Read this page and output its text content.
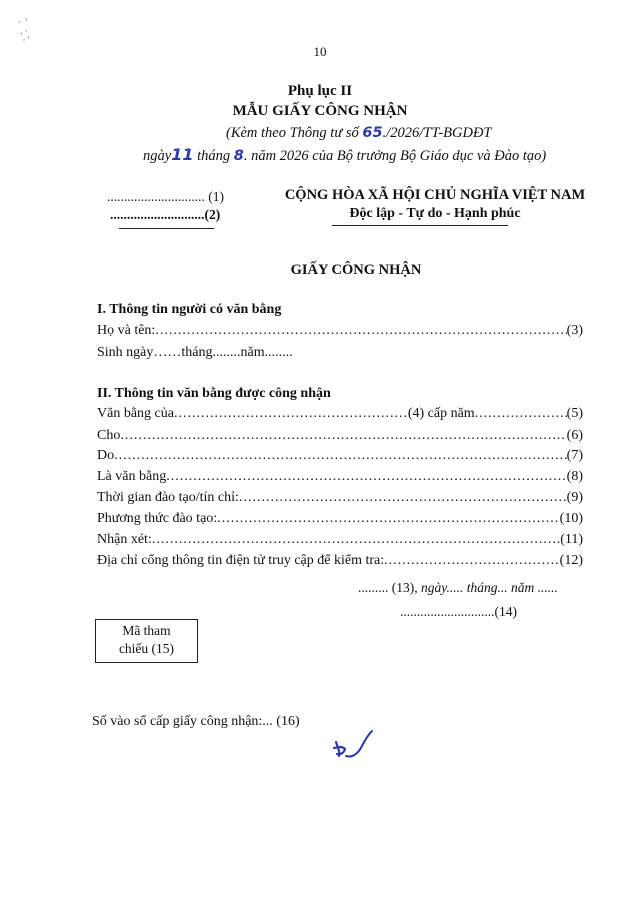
·  '
. ·
· '
10
Phụ lục II
MẪU GIẤY CÔNG NHẬN
(Kèm theo Thông tư số 65./2026/TT-BGDĐT
ngày11 tháng 8. năm 2026 của Bộ trưởng Bộ Giáo dục và Đào tạo)
............................. (1)
............................(2)
CỘNG HÒA XÃ HỘI CHỦ NGHĨA VIỆT NAM
Độc lập - Tự do - Hạnh phúc
GIẤY CÔNG NHẬN
I. Thông tin người có văn bằng
Họ và tên: .....	(3)
Sinh ngày……tháng........năm........
II. Thông tin văn bằng được công nhận
Văn bằng của .....	(4) cấp năm .....	(5)
Cho .....	(6)
Do .....	(7)
Là văn bằng .....	(8)
Thời gian đào tạo/tín chỉ: .....	(9)
Phương thức đào tạo: .....	(10)
Nhận xét: .....	(11)
Địa chỉ cổng thông tin điện tử truy cập để kiểm tra: .....	(12)
......... (13), ngày..... tháng... năm ......
............................(14)
Mã tham
chiếu (15)
Số vào sổ cấp giấy công nhận:... (16)
